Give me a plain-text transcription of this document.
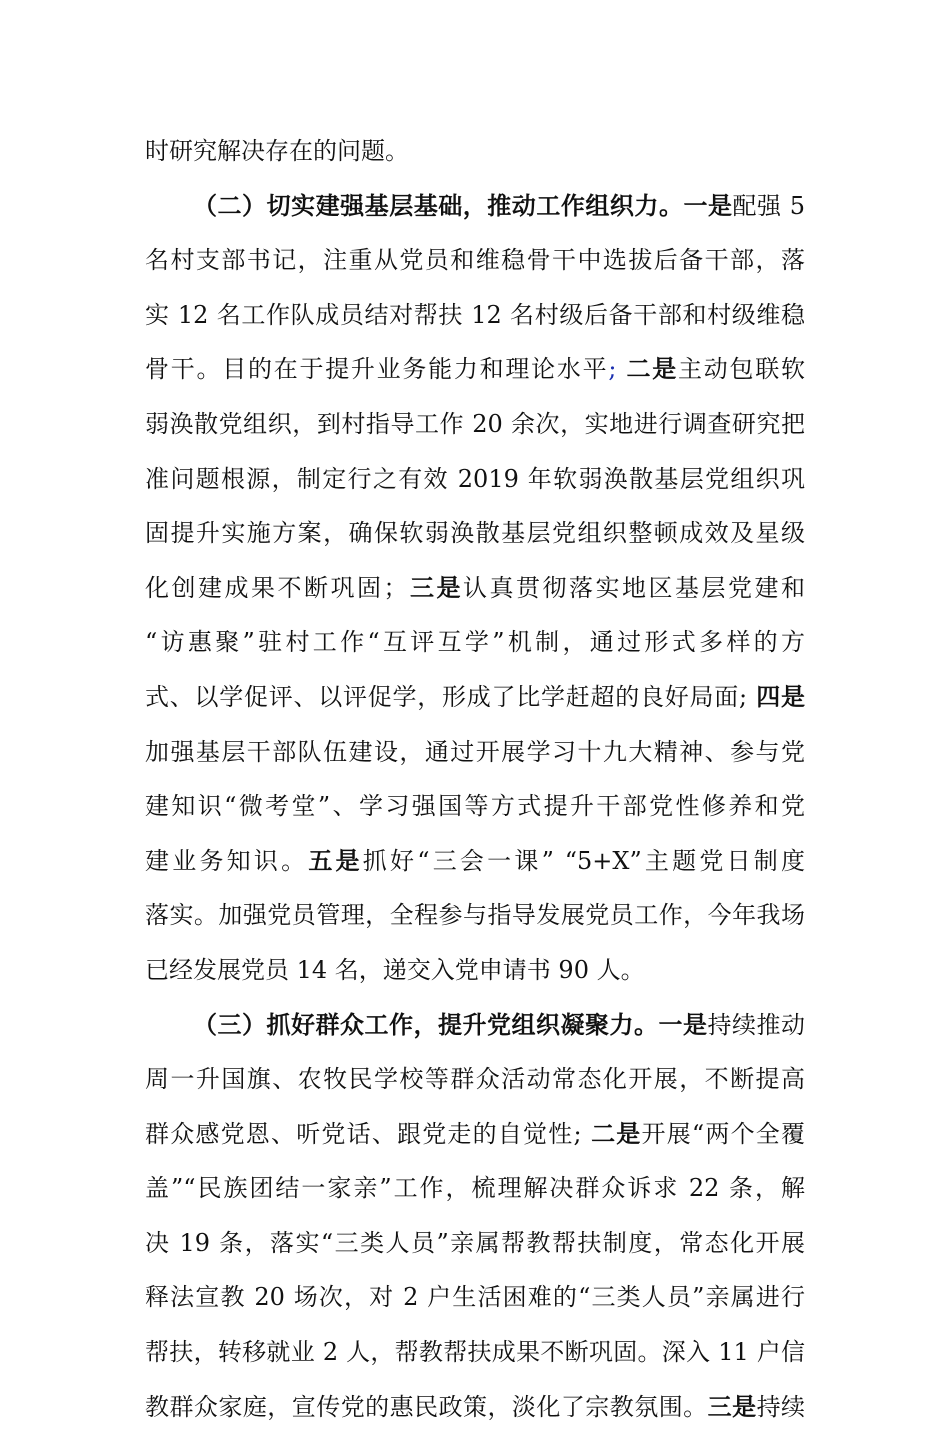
时研究解决存在的问题。
（二）切实建强基层基础，推动工作组织力。一是配强 5
名村支部书记，注重从党员和维稳骨干中选拔后备干部，落
实 12 名工作队成员结对帮扶 12 名村级后备干部和村级维稳
骨干。目的在于提升业务能力和理论水平; 二是主动包联软
弱涣散党组织，到村指导工作 20 余次，实地进行调查研究把
准问题根源，制定行之有效 2019 年软弱涣散基层党组织巩
固提升实施方案，确保软弱涣散基层党组织整顿成效及星级
化创建成果不断巩固；三是认真贯彻落实地区基层党建和
“访惠聚”驻村工作“互评互学”机制，通过形式多样的方
式、以学促评、以评促学，形成了比学赶超的良好局面; 四是
加强基层干部队伍建设，通过开展学习十九大精神、参与党
建知识“微考堂”、学习强国等方式提升干部党性修养和党
建业务知识。五是抓好“三会一课” “5+X”主题党日制度
落实。加强党员管理，全程参与指导发展党员工作，今年我场
已经发展党员 14 名，递交入党申请书 90 人。
（三）抓好群众工作，提升党组织凝聚力。一是持续推动
周一升国旗、农牧民学校等群众活动常态化开展，不断提高
群众感党恩、听党话、跟党走的自觉性; 二是开展“两个全覆
盖”“民族团结一家亲”工作，梳理解决群众诉求 22 条，解
决 19 条，落实“三类人员”亲属帮教帮扶制度，常态化开展
释法宣教 20 场次，对 2 户生活困难的“三类人员”亲属进行
帮扶，转移就业 2 人，帮教帮扶成果不断巩固。深入 11 户信
教群众家庭，宣传党的惠民政策，淡化了宗教氛围。三是持续
